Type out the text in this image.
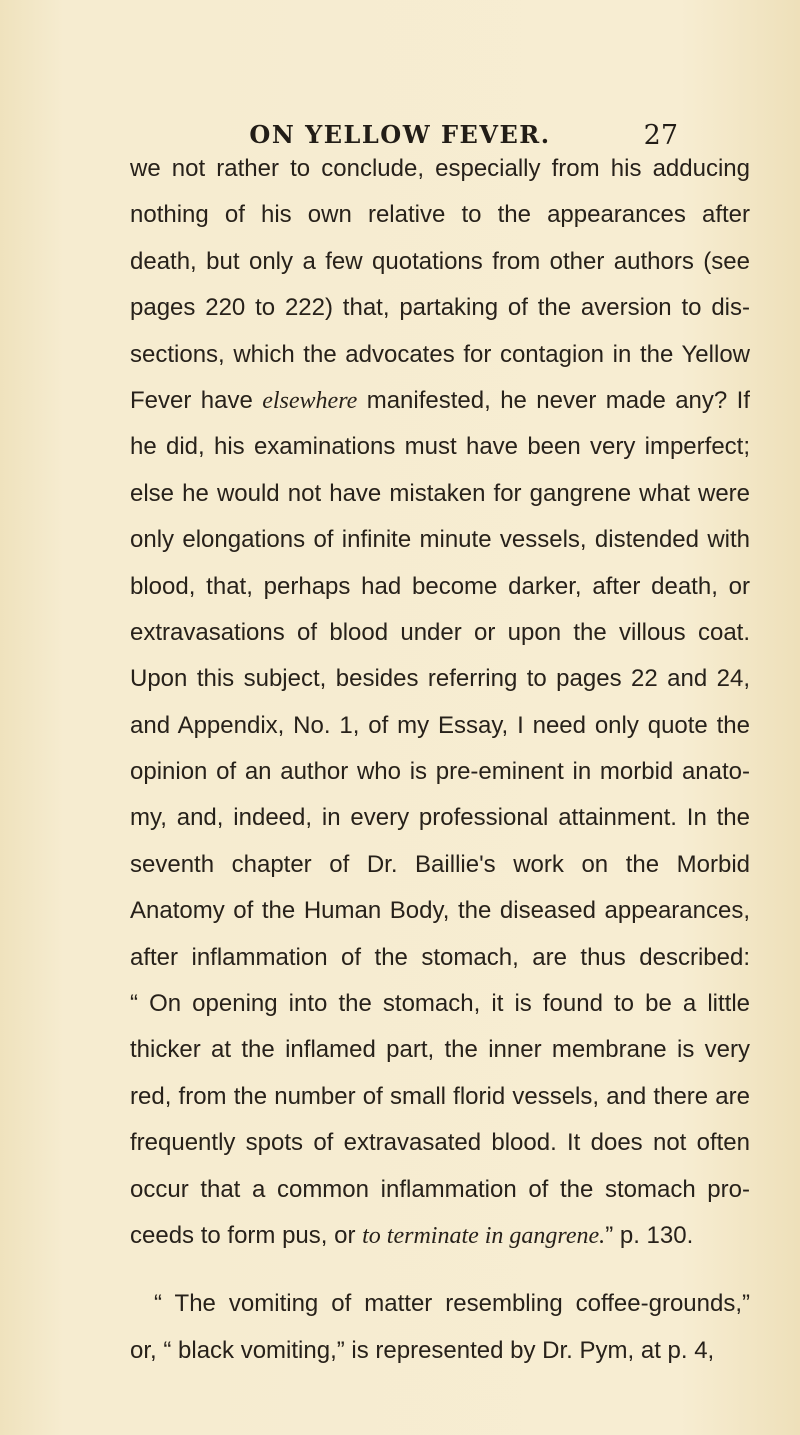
ON YELLOW FEVER.	27
we not rather to conclude, especially from his adducing
nothing of his own relative to the appearances after
death, but only a few quotations from other authors (see
pages 220 to 222) that, partaking of the aversion to dis-
sections, which the advocates for contagion in the Yellow
Fever have elsewhere manifested, he never made any? If
he did, his examinations must have been very imperfect;
else he would not have mistaken for gangrene what were
only elongations of infinite minute vessels, distended with
blood, that, perhaps had become darker, after death, or
extravasations of blood under or upon the villous coat.
Upon this subject, besides referring to pages 22 and 24,
and Appendix, No. 1, of my Essay, I need only quote the
opinion of an author who is pre-eminent in morbid anato-
my, and, indeed, in every professional attainment. In the
seventh chapter of Dr. Baillie's work on the Morbid
Anatomy of the Human Body, the diseased appearances,
after inflammation of the stomach, are thus described:
“ On opening into the stomach, it is found to be a little
thicker at the inflamed part, the inner membrane is very
red, from the number of small florid vessels, and there are
frequently spots of extravasated blood. It does not often
occur that a common inflammation of the stomach pro-
ceeds to form pus, or to terminate in gangrene.” p. 130.
“ The vomiting of matter resembling coffee-grounds,”
or, “ black vomiting,” is represented by Dr. Pym, at p. 4,
